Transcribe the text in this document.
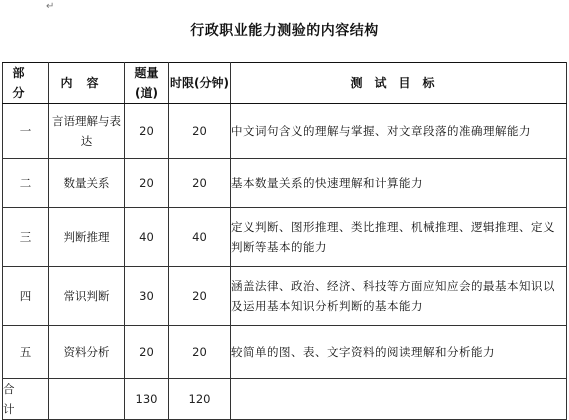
↵
行政职业能力测验的内容结构
部分	内容	题量(道)	时限(分钟)	测试目标
一	言语理解与表达	20	20	中文词句含义的理解与掌握、对文章段落的准确理解能力
二	数量关系	20	20	基本数量关系的快速理解和计算能力
三	判断推理	40	40	定义判断、图形推理、类比推理、机械推理、逻辑推理、定义判断等基本的能力
四	常识判断	30	20	涵盖法律、政治、经济、科技等方面应知应会的最基本知识以及运用基本知识分析判断的基本能力
五	资料分析	20	20	较简单的图、表、文字资料的阅读理解和分析能力
合计		130	120	
